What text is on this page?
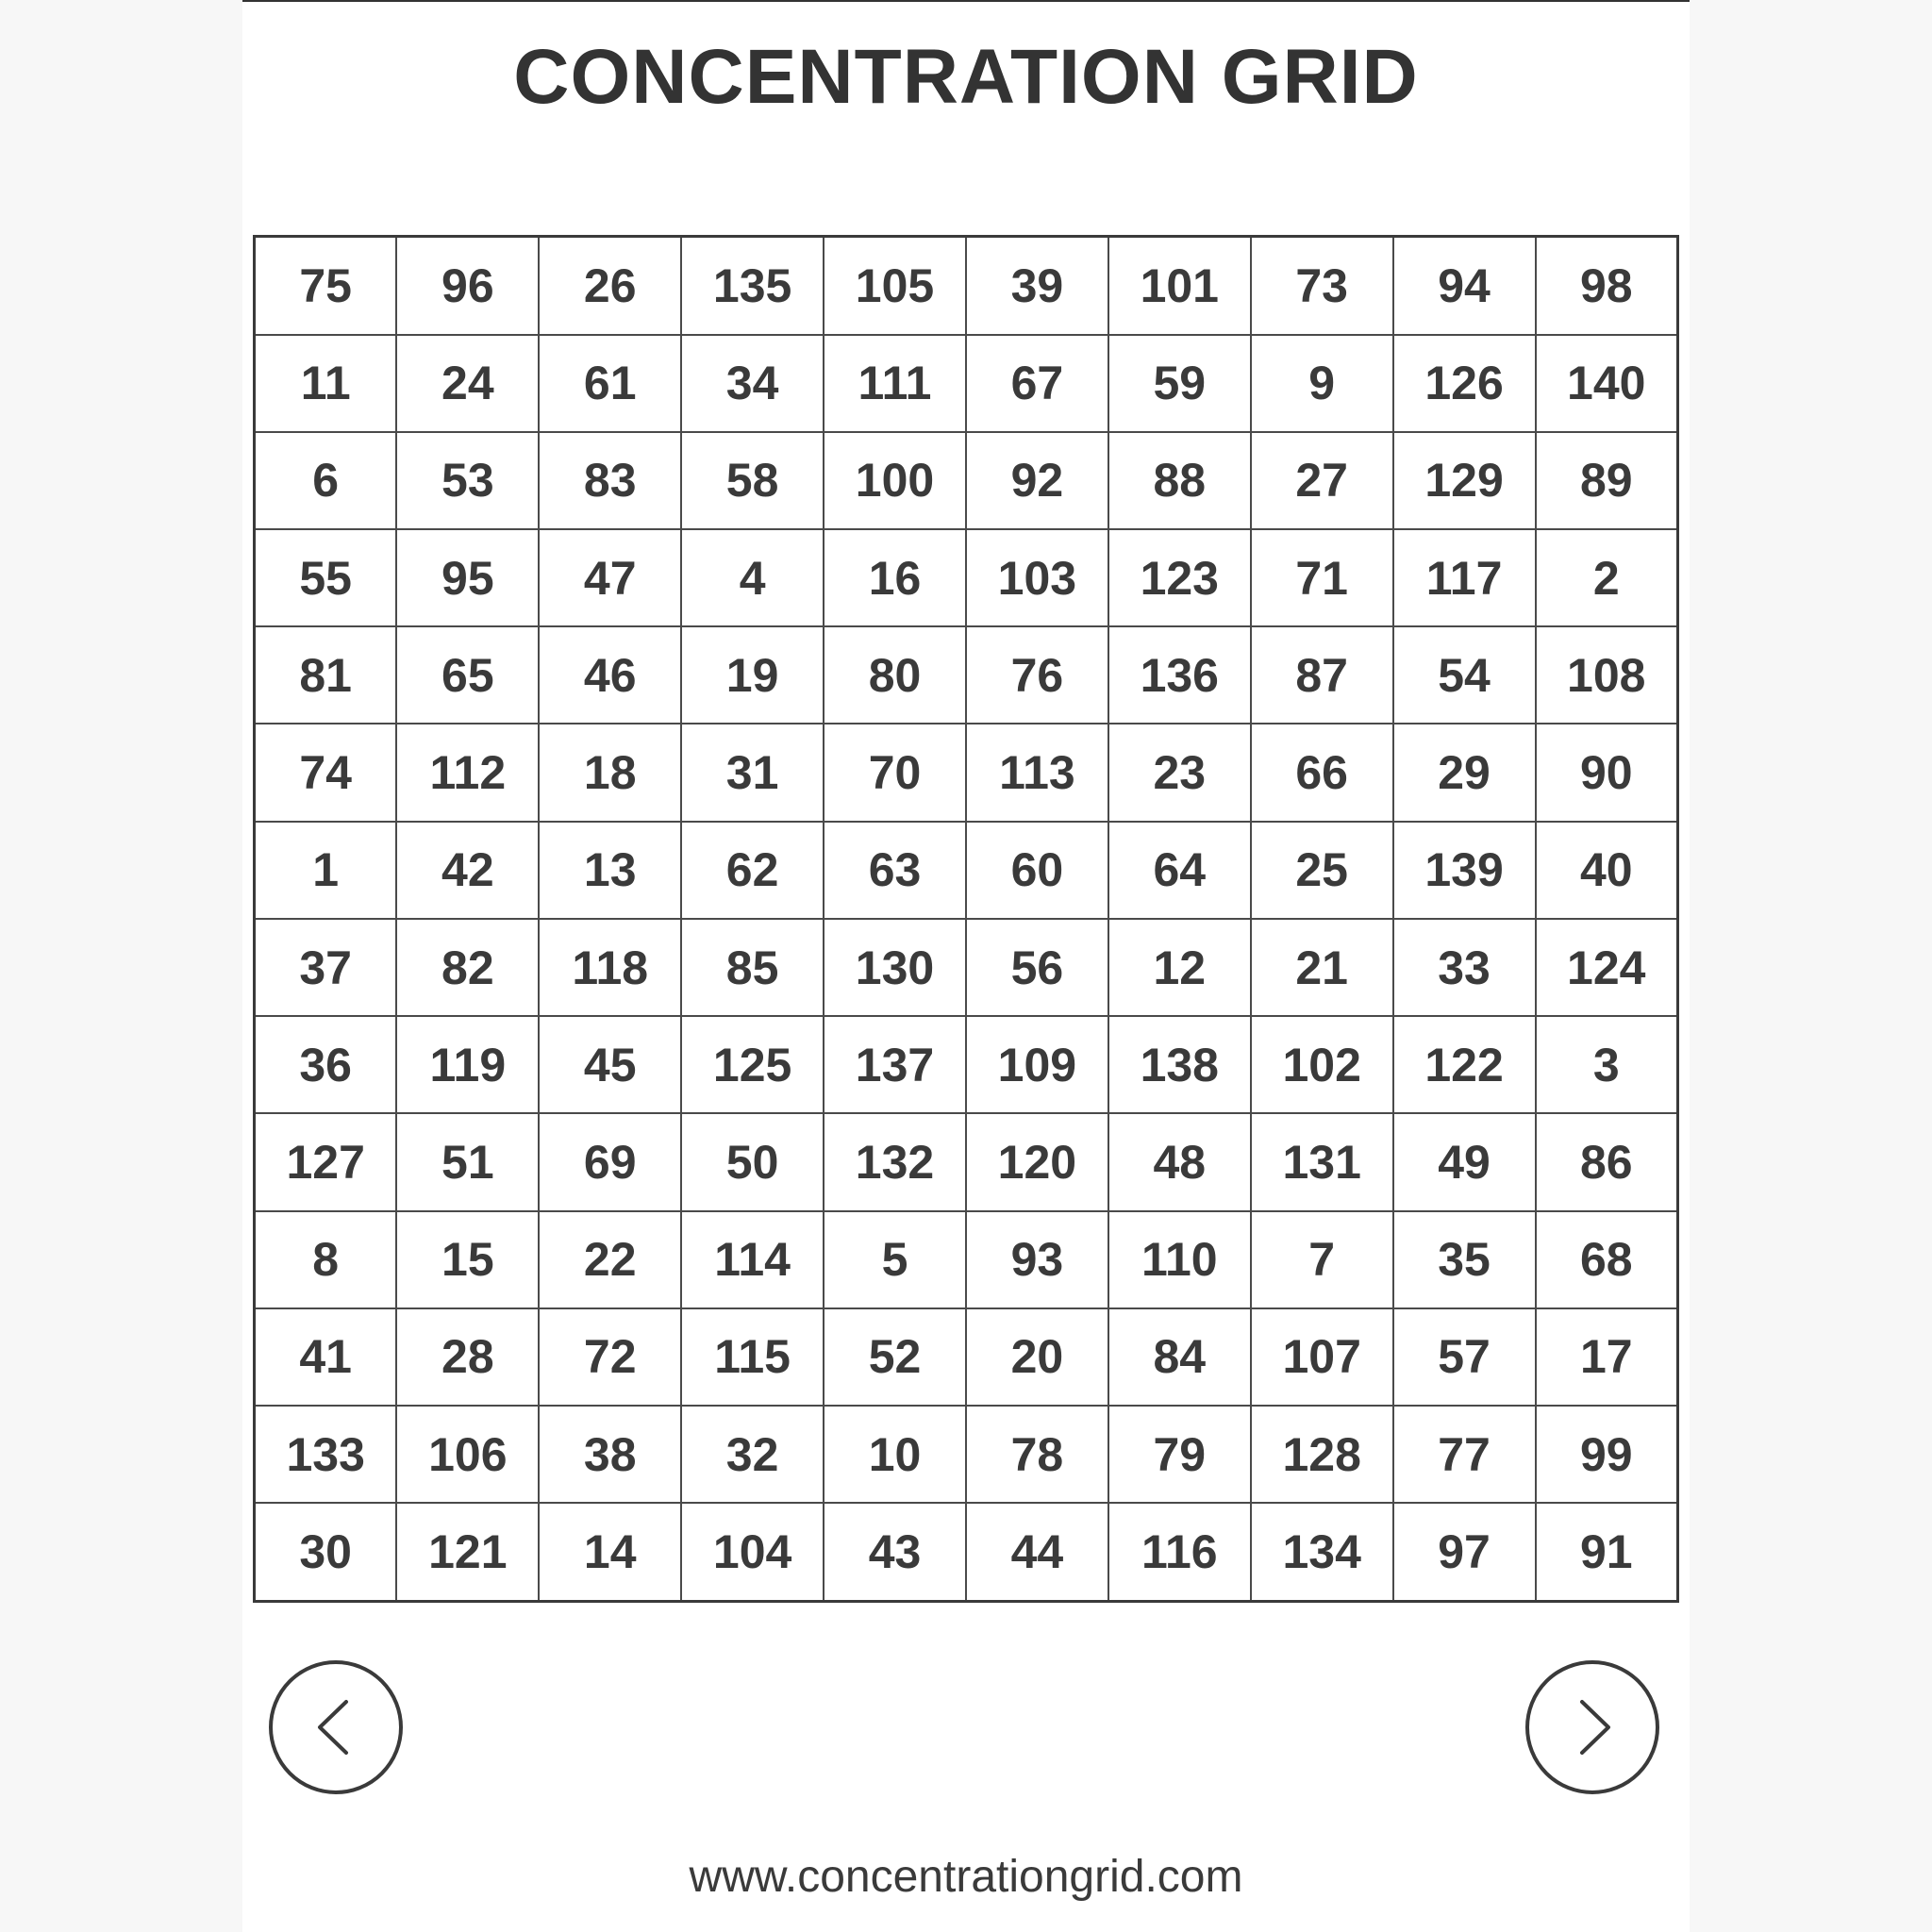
CONCENTRATION GRID
75	96	26	135	105	39	101	73	94	98
11	24	61	34	111	67	59	9	126	140
6	53	83	58	100	92	88	27	129	89
55	95	47	4	16	103	123	71	117	2
81	65	46	19	80	76	136	87	54	108
74	112	18	31	70	113	23	66	29	90
1	42	13	62	63	60	64	25	139	40
37	82	118	85	130	56	12	21	33	124
36	119	45	125	137	109	138	102	122	3
127	51	69	50	132	120	48	131	49	86
8	15	22	114	5	93	110	7	35	68
41	28	72	115	52	20	84	107	57	17
133	106	38	32	10	78	79	128	77	99
30	121	14	104	43	44	116	134	97	91
www.concentrationgrid.com
